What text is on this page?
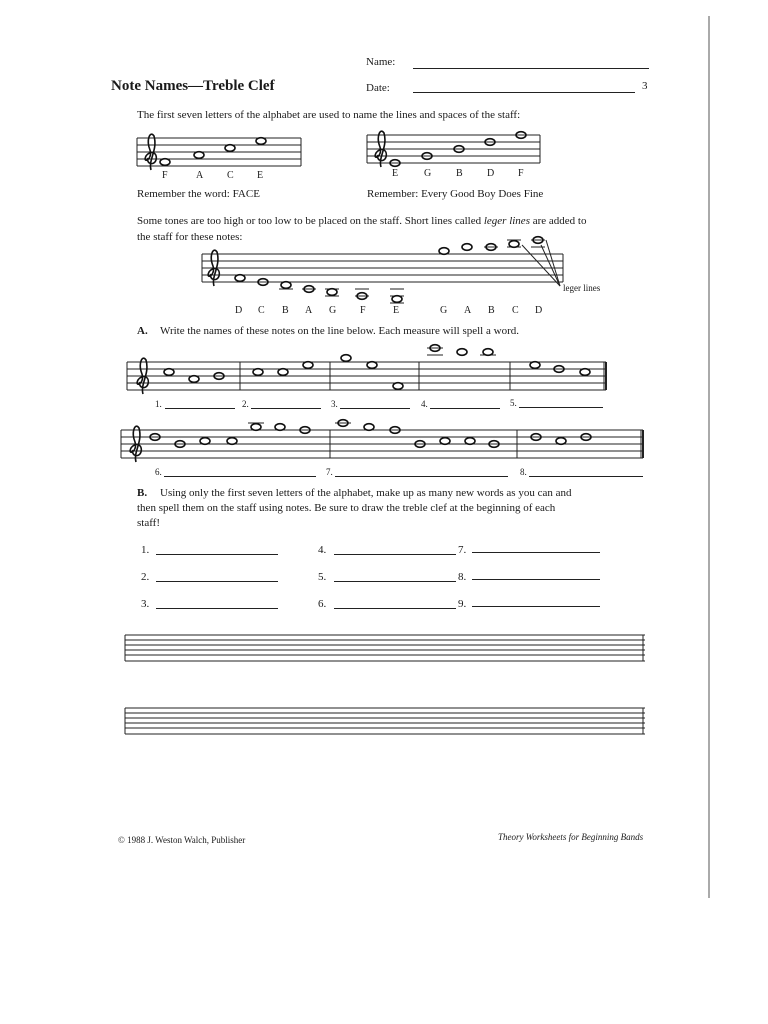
Name:
Note Names—Treble Clef	Date:	3
The first seven letters of the alphabet are used to name the lines and spaces of the staff:
F	A C E	E	G B D F
Remember the word: FACE	Remember: Every Good Boy Does Fine
Some tones are too high or too low to be placed on the staff. Short lines called leger lines are added to
the staff for these notes:
leger lines
D C B A G F	E	G A B C D
A. Write the names of these notes on the line below. Each measure will spell a word.
1.	2.	3.	4.	5.
6.	7.	8.
B. Using only the first seven letters of the alphabet, make up as many new words as you can and
then spell them on the staff using notes. Be sure to draw the treble clef at the beginning of each
staff!
1.
2.
3.
4.
5.
6.
7.
8.
9.
© 1988 J. Weston Walch, Publisher	Theory Worksheets for Beginning Bands
